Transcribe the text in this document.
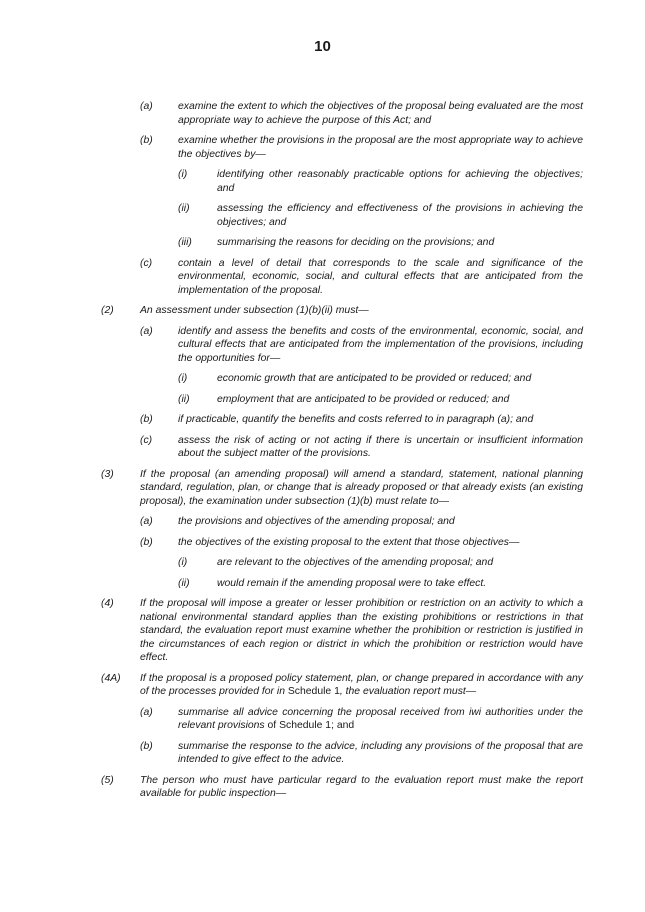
10
(a) examine the extent to which the objectives of the proposal being evaluated are the most appropriate way to achieve the purpose of this Act; and
(b) examine whether the provisions in the proposal are the most appropriate way to achieve the objectives by—
(i)	identifying other reasonably practicable options for achieving the objectives; and
(ii)	assessing the efficiency and effectiveness of the provisions in achieving the objectives; and
(iii) summarising the reasons for deciding on the provisions; and
(c) contain a level of detail that corresponds to the scale and significance of the environmental, economic, social, and cultural effects that are anticipated from the implementation of the proposal.
(2)	An assessment under subsection (1)(b)(ii) must—
(a) identify and assess the benefits and costs of the environmental, economic, social, and cultural effects that are anticipated from the implementation of the provisions, including the opportunities for—
(i)	economic growth that are anticipated to be provided or reduced; and
(ii)	employment that are anticipated to be provided or reduced; and
(b) if practicable, quantify the benefits and costs referred to in paragraph (a); and
(c) assess the risk of acting or not acting if there is uncertain or insufficient information about the subject matter of the provisions.
(3)	If the proposal (an amending proposal) will amend a standard, statement, national planning standard, regulation, plan, or change that is already proposed or that already exists (an existing proposal), the examination under subsection (1)(b) must relate to—
(a) the provisions and objectives of the amending proposal; and
(b) the objectives of the existing proposal to the extent that those objectives—
(i)	are relevant to the objectives of the amending proposal; and
(ii)	would remain if the amending proposal were to take effect.
(4)	If the proposal will impose a greater or lesser prohibition or restriction on an activity to which a national environmental standard applies than the existing prohibitions or restrictions in that standard, the evaluation report must examine whether the prohibition or restriction is justified in the circumstances of each region or district in which the prohibition or restriction would have effect.
(4A) If the proposal is a proposed policy statement, plan, or change prepared in accordance with any of the processes provided for in Schedule 1, the evaluation report must—
(a) summarise all advice concerning the proposal received from iwi authorities under the relevant provisions of Schedule 1; and
(b) summarise the response to the advice, including any provisions of the proposal that are intended to give effect to the advice.
(5)	The person who must have particular regard to the evaluation report must make the report available for public inspection—
